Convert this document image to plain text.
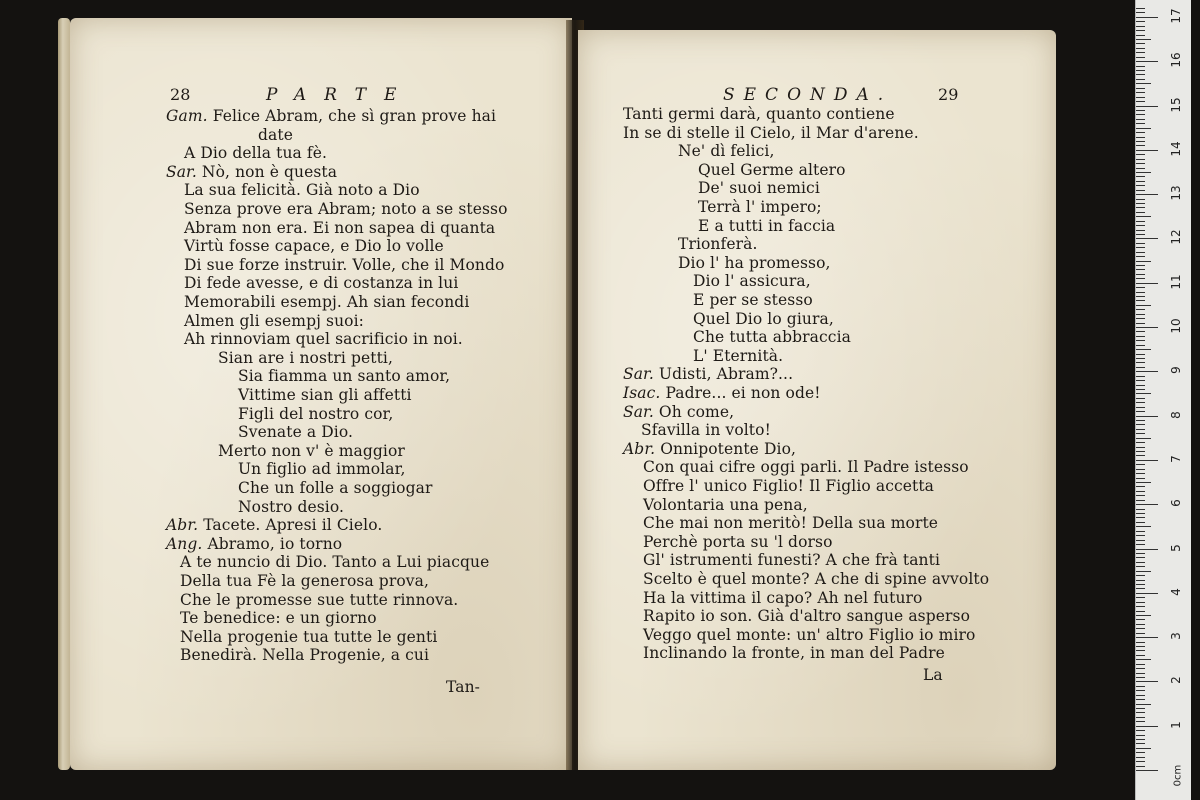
28	PARTE
Tan-
Gam. Felice Abram, che sì gran prove hai
date
A Dio della tua fè.
Sar. Nò, non è questa
La sua felicità. Già noto a Dio
Senza prove era Abram; noto a se stesso
Abram non era. Ei non sapea di quanta
Virtù fosse capace, e Dio lo volle
Di sue forze instruir. Volle, che il Mondo
Di fede avesse, e di costanza in lui
Memorabili esempj. Ah sian fecondi
Almen gli esempj suoi:
Ah rinnoviam quel sacrificio in noi.
Sian are i nostri petti,
Sia fiamma un santo amor,
Vittime sian gli affetti
Figli del nostro cor,
Svenate a Dio.
Merto non v' è maggior
Un figlio ad immolar,
Che un folle a soggiogar
Nostro desio.
Abr. Tacete. Apresi il Cielo.
Ang. Abramo, io torno
A te nuncio di Dio. Tanto a Lui piacque
Della tua Fè la generosa prova,
Che le promesse sue tutte rinnova.
Te benedice: e un giorno
Nella progenie tua tutte le genti
Benedirà. Nella Progenie, a cui
SECONDA.	29
La
Tanti germi darà, quanto contiene
In se di stelle il Cielo, il Mar d'arene.
Ne' dì felici,
Quel Germe altero
De' suoi nemici
Terrà l' impero;
E a tutti in faccia
Trionferà.
Dio l' ha promesso,
Dio l' assicura,
E per se stesso
Quel Dio lo giura,
Che tutta abbraccia
L' Eternità.
Sar. Udisti, Abram?...
Isac. Padre... ei non ode!
Sar. Oh come,
Sfavilla in volto!
Abr. Onnipotente Dio,
Con quai cifre oggi parli. Il Padre istesso
Offre l' unico Figlio! Il Figlio accetta
Volontaria una pena,
Che mai non meritò! Della sua morte
Perchè porta su 'l dorso
Gl' istrumenti funesti? A che frà tanti
Scelto è quel monte? A che di spine avvolto
Ha la vittima il capo? Ah nel futuro
Rapito io son. Già d'altro sangue asperso
Veggo quel monte: un' altro Figlio io miro
Inclinando la fronte, in man del Padre
0cm
1
2
3
4
5
6
7
8
9
10
11
12
13
14
15
16
17
